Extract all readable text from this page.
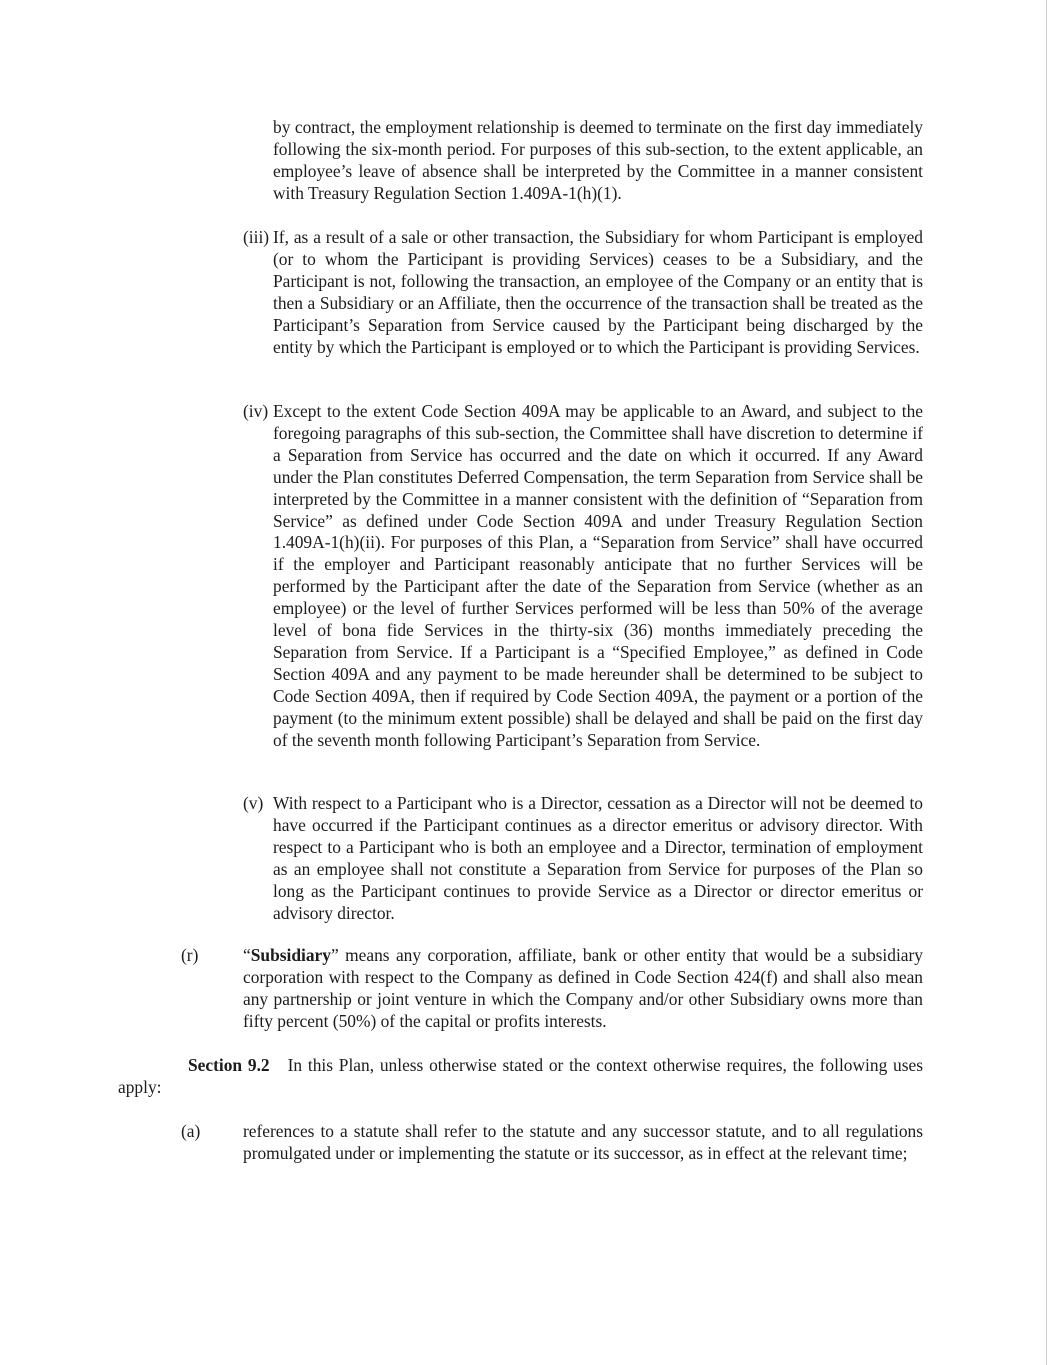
by contract, the employment relationship is deemed to terminate on the first day immediately following the six-month period. For purposes of this sub-section, to the extent applicable, an employee’s leave of absence shall be interpreted by the Committee in a manner consistent with Treasury Regulation Section 1.409A-1(h)(1).

(iii) If, as a result of a sale or other transaction, the Subsidiary for whom Participant is employed (or to whom the Participant is providing Services) ceases to be a Subsidiary, and the Participant is not, following the transaction, an employee of the Company or an entity that is then a Subsidiary or an Affiliate, then the occurrence of the transaction shall be treated as the Participant’s Separation from Service caused by the Participant being discharged by the entity by which the Participant is employed or to which the Participant is providing Services.

(iv) Except to the extent Code Section 409A may be applicable to an Award, and subject to the foregoing paragraphs of this sub-section, the Committee shall have discretion to determine if a Separation from Service has occurred and the date on which it occurred. If any Award under the Plan constitutes Deferred Compensation, the term Separation from Service shall be interpreted by the Committee in a manner consistent with the definition of “Separation from Service” as defined under Code Section 409A and under Treasury Regulation Section 1.409A-1(h)(ii). For purposes of this Plan, a “Separation from Service” shall have occurred if the employer and Participant reasonably anticipate that no further Services will be performed by the Participant after the date of the Separation from Service (whether as an employee) or the level of further Services performed will be less than 50% of the average level of bona fide Services in the thirty-six (36) months immediately preceding the Separation from Service. If a Participant is a “Specified Employee,” as defined in Code Section 409A and any payment to be made hereunder shall be determined to be subject to Code Section 409A, then if required by Code Section 409A, the payment or a portion of the payment (to the minimum extent possible) shall be delayed and shall be paid on the first day of the seventh month following Participant’s Separation from Service.

(v) With respect to a Participant who is a Director, cessation as a Director will not be deemed to have occurred if the Participant continues as a director emeritus or advisory director. With respect to a Participant who is both an employee and a Director, termination of employment as an employee shall not constitute a Separation from Service for purposes of the Plan so long as the Participant continues to provide Service as a Director or director emeritus or advisory director.

(r)	“Subsidiary” means any corporation, affiliate, bank or other entity that would be a subsidiary corporation with respect to the Company as defined in Code Section 424(f) and shall also mean any partnership or joint venture in which the Company and/or other Subsidiary owns more than fifty percent (50%) of the capital or profits interests.

Section 9.2 In this Plan, unless otherwise stated or the context otherwise requires, the following uses apply:

(a) references to a statute shall refer to the statute and any successor statute, and to all regulations promulgated under or implementing the statute or its successor, as in effect at the relevant time;
